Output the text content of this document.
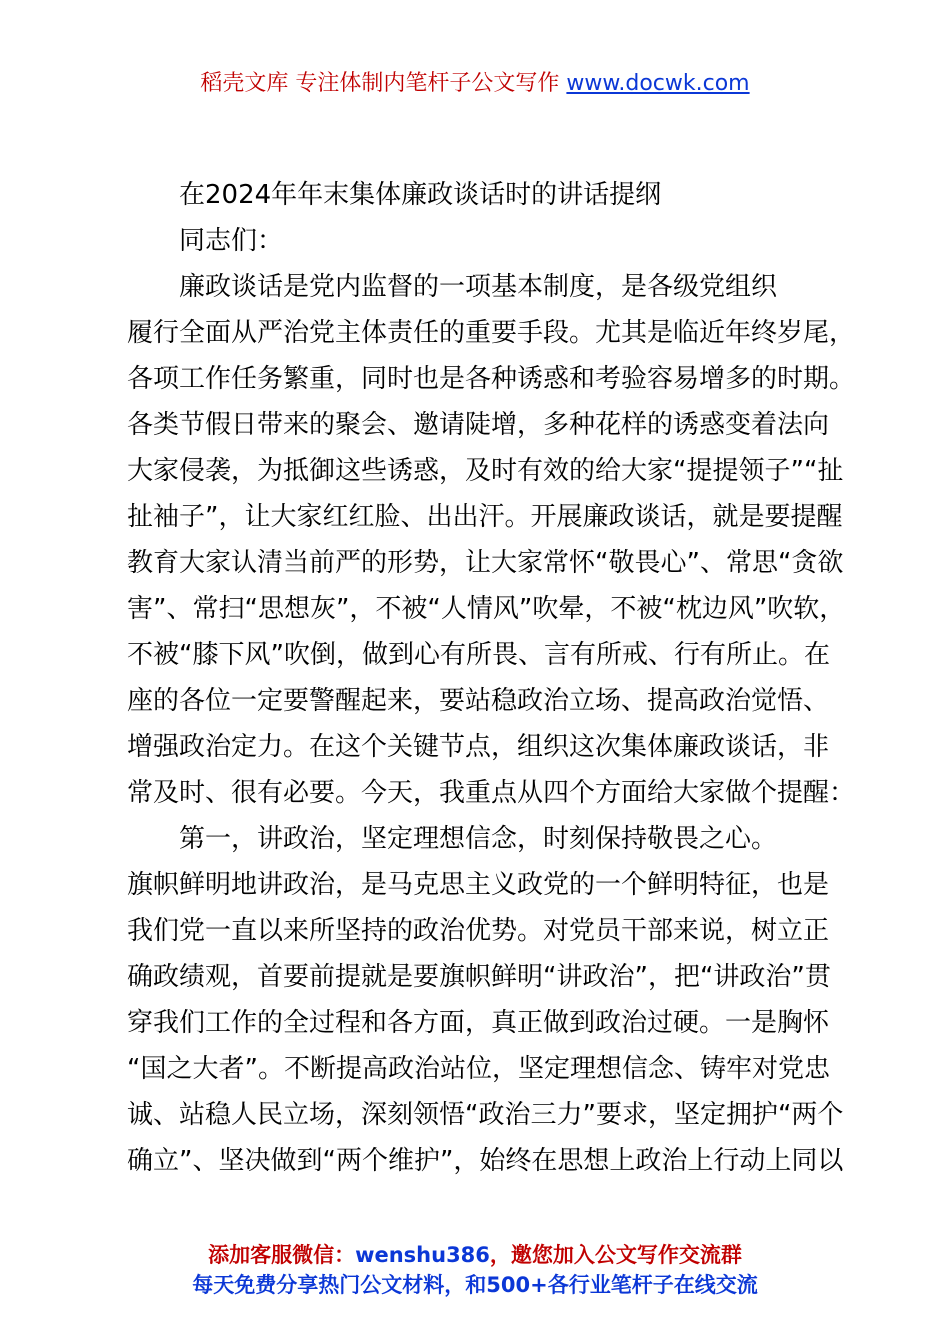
稻壳文库 专注体制内笔杆子公文写作 www.docwk.com

在2024年年末集体廉政谈话时的讲话提纲

同志们：

　　廉政谈话是党内监督的一项基本制度，是各级党组织

履行全面从严治党主体责任的重要手段。尤其是临近年终岁尾，

各项工作任务繁重，同时也是各种诱惑和考验容易增多的时期。

各类节假日带来的聚会、邀请陡增，多种花样的诱惑变着法向

大家侵袭，为抵御这些诱惑，及时有效的给大家“提提领子”“扯

扯袖子”，让大家红红脸、出出汗。开展廉政谈话，就是要提醒

教育大家认清当前严的形势，让大家常怀“敬畏心”、常思“贪欲

害”、常扫“思想灰”，不被“人情风”吹晕，不被“枕边风”吹软，

不被“膝下风”吹倒，做到心有所畏、言有所戒、行有所止。在

座的各位一定要警醒起来，要站稳政治立场、提高政治觉悟、

增强政治定力。在这个关键节点，组织这次集体廉政谈话，非

常及时、很有必要。今天，我重点从四个方面给大家做个提醒：

　　第一，讲政治，坚定理想信念，时刻保持敬畏之心。

旗帜鲜明地讲政治，是马克思主义政党的一个鲜明特征，也是

我们党一直以来所坚持的政治优势。对党员干部来说，树立正

确政绩观，首要前提就是要旗帜鲜明“讲政治”，把“讲政治”贯

穿我们工作的全过程和各方面，真正做到政治过硬。一是胸怀

“国之大者”。不断提高政治站位，坚定理想信念、铸牢对党忠

诚、站稳人民立场，深刻领悟“政治三力”要求，坚定拥护“两个

确立”、坚决做到“两个维护”，始终在思想上政治上行动上同以

添加客服微信：wenshu386，邀您加入公文写作交流群
每天免费分享热门公文材料，和500+各行业笔杆子在线交流
